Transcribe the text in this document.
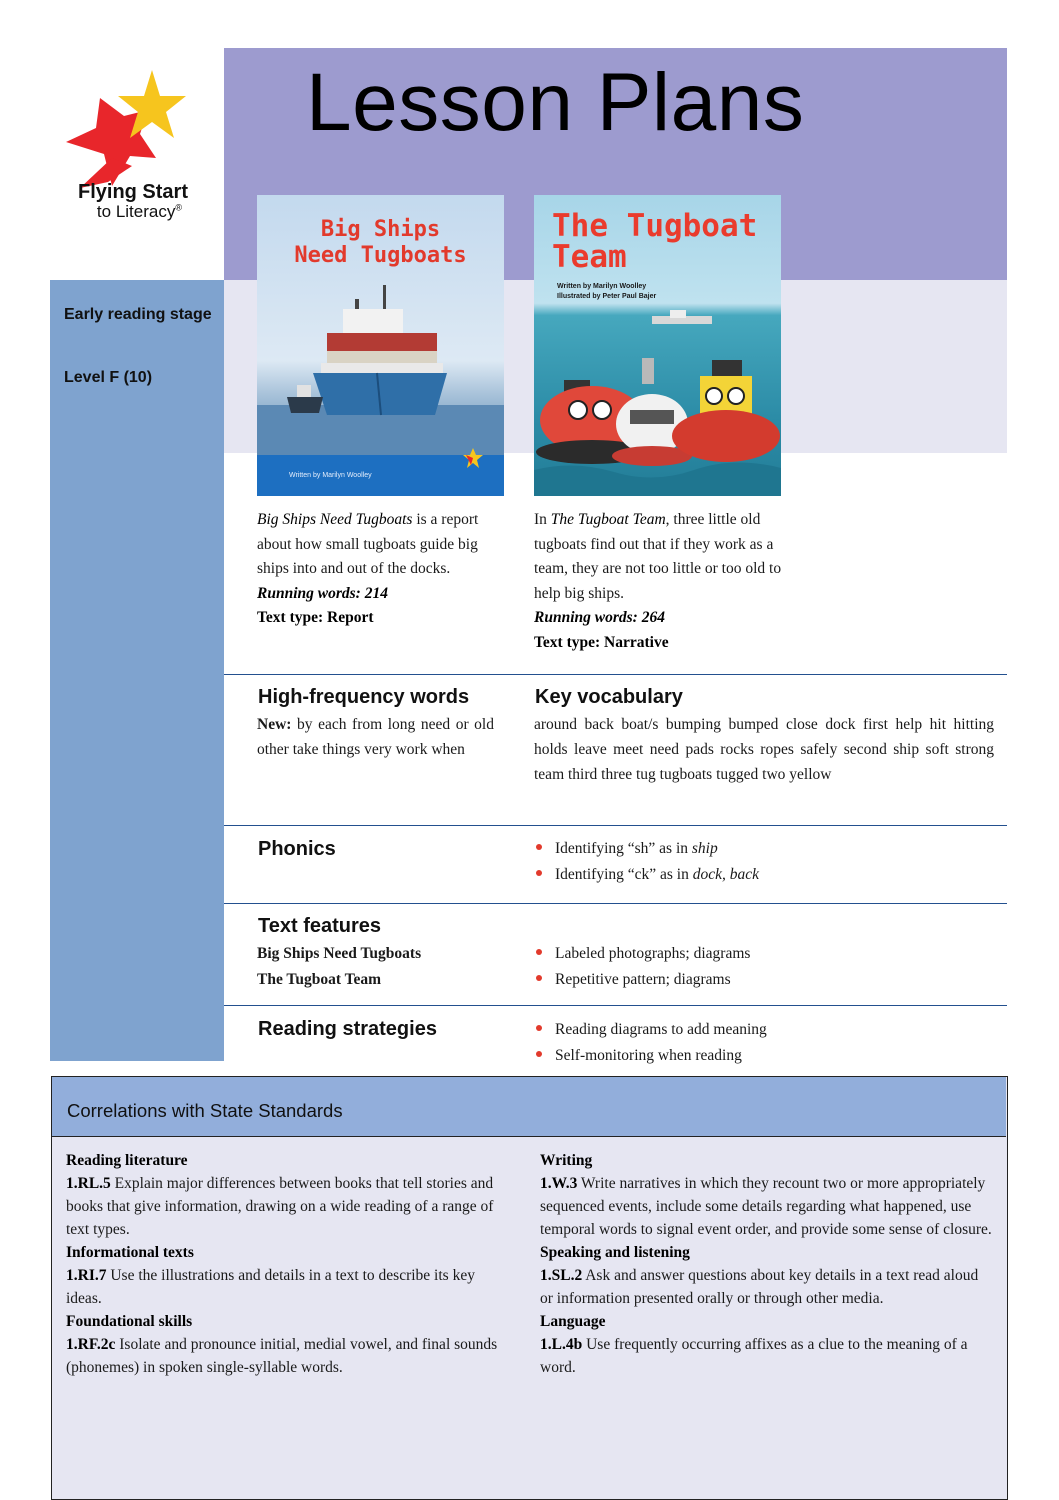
Flying Start
to Literacy®
Lesson Plans
Early reading stage
Level F (10)
Big Ships
Need Tugboats
Written by Marilyn Woolley
The Tugboat
Team
Written by Marilyn Woolley
Illustrated by Peter Paul Bajer
Big Ships Need Tugboats is a report about how small tugboats guide big ships into and out of the docks.
Running words: 214
Text type: Report
In The Tugboat Team, three little old tugboats find out that if they work as a team, they are not too little or too old to help big ships.
Running words: 264
Text type: Narrative
High-frequency words
New: by each from long need or old other take things very work when
Key vocabulary
around back boat/s bumping bumped close dock first help hit hitting holds leave meet need pads rocks ropes safely second ship soft strong team third three tug tugboats tugged two yellow
Phonics	Identifying “sh” as in ship
Identifying “ck” as in dock, back
Text features
Big Ships Need Tugboats
The Tugboat Team
Labeled photographs; diagrams
Repetitive pattern; diagrams
Reading strategies	Reading diagrams to add meaning
Self-monitoring when reading
Correlations with State Standards
Reading literature
1.RL.5 Explain major differences between books that tell stories and books that give information, drawing on a wide reading of a range of text types.
Informational texts
1.RI.7 Use the illustrations and details in a text to describe its key ideas.
Foundational skills
1.RF.2c Isolate and pronounce initial, medial vowel, and final sounds (phonemes) in spoken single-syllable words.
Writing
1.W.3 Write narratives in which they recount two or more appropriately sequenced events, include some details regarding what happened, use temporal words to signal event order, and provide some sense of closure.
Speaking and listening
1.SL.2 Ask and answer questions about key details in a text read aloud or information presented orally or through other media.
Language
1.L.4b Use frequently occurring affixes as a clue to the meaning of a word.
